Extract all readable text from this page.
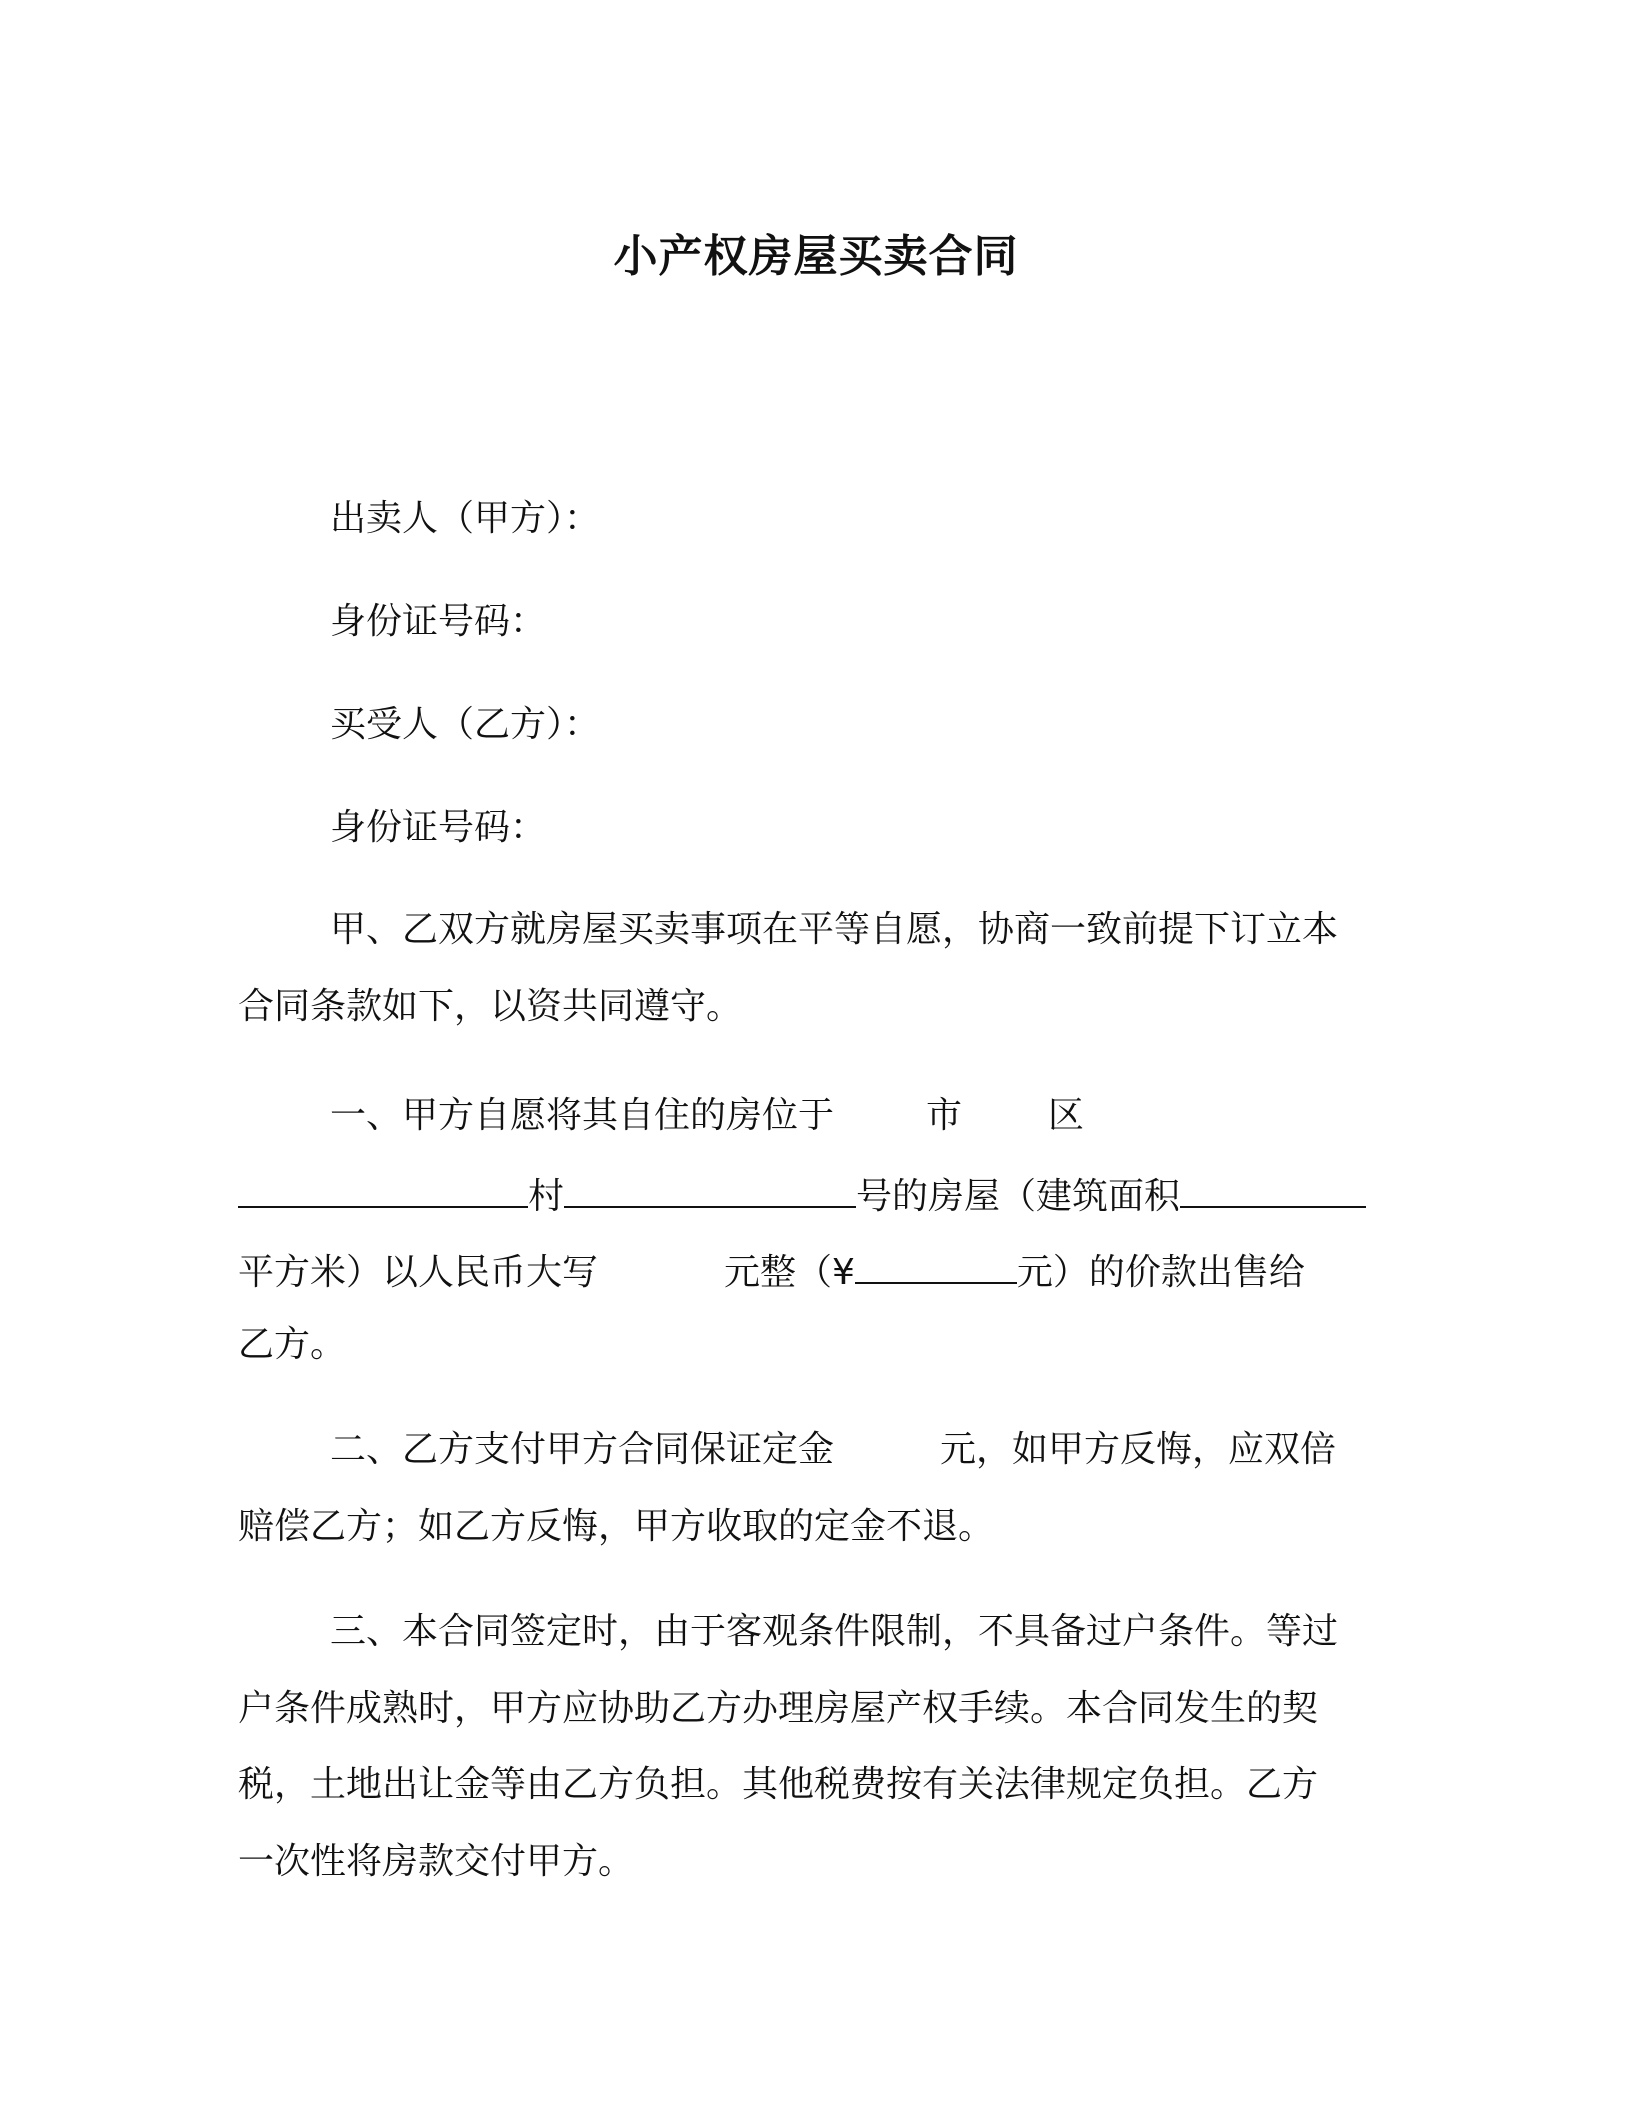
小产权房屋买卖合同
出卖人（甲方）：
身份证号码：
买受人（乙方）：
身份证号码：
甲、乙双方就房屋买卖事项在平等自愿，协商一致前提下订立本
合同条款如下，以资共同遵守。
一、甲方自愿将其自住的房位于	市 区
村	号的房屋（建筑面积
平方米）以人民币大写	元整（¥	元）的价款出售给
乙方。
二、乙方支付甲方合同保证定金	元，如甲方反悔，应双倍
赔偿乙方；如乙方反悔，甲方收取的定金不退。
三、本合同签定时，由于客观条件限制，不具备过户条件。等过
户条件成熟时，甲方应协助乙方办理房屋产权手续。本合同发生的契
税，土地出让金等由乙方负担。其他税费按有关法律规定负担。乙方
一次性将房款交付甲方。
